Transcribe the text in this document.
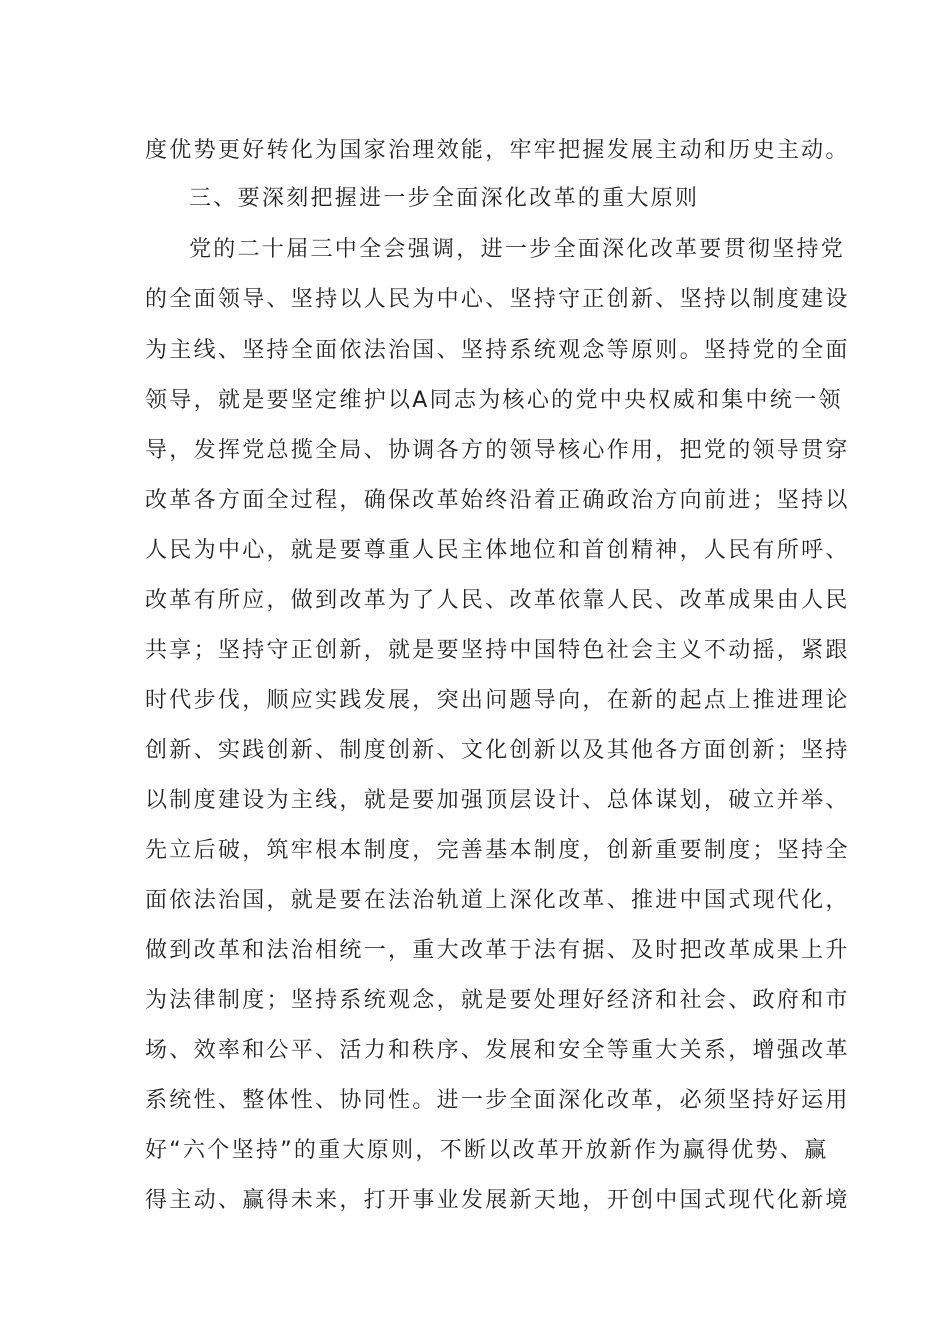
度优势更好转化为国家治理效能，牢牢把握发展主动和历史主动。
三、要深刻把握进一步全面深化改革的重大原则
党的二十届三中全会强调，进一步全面深化改革要贯彻坚持党
的全面领导、坚持以人民为中心、坚持守正创新、坚持以制度建设
为主线、坚持全面依法治国、坚持系统观念等原则。坚持党的全面
领导，就是要坚定维护以A同志为核心的党中央权威和集中统一领
导，发挥党总揽全局、协调各方的领导核心作用，把党的领导贯穿
改革各方面全过程，确保改革始终沿着正确政治方向前进；坚持以
人民为中心，就是要尊重人民主体地位和首创精神，人民有所呼、
改革有所应，做到改革为了人民、改革依靠人民、改革成果由人民
共享；坚持守正创新，就是要坚持中国特色社会主义不动摇，紧跟
时代步伐，顺应实践发展，突出问题导向，在新的起点上推进理论
创新、实践创新、制度创新、文化创新以及其他各方面创新；坚持
以制度建设为主线，就是要加强顶层设计、总体谋划，破立并举、
先立后破，筑牢根本制度，完善基本制度，创新重要制度；坚持全
面依法治国，就是要在法治轨道上深化改革、推进中国式现代化，
做到改革和法治相统一，重大改革于法有据、及时把改革成果上升
为法律制度；坚持系统观念，就是要处理好经济和社会、政府和市
场、效率和公平、活力和秩序、发展和安全等重大关系，增强改革
系统性、整体性、协同性。进一步全面深化改革，必须坚持好运用
好“六个坚持”的重大原则，不断以改革开放新作为赢得优势、赢
得主动、赢得未来，打开事业发展新天地，开创中国式现代化新境
